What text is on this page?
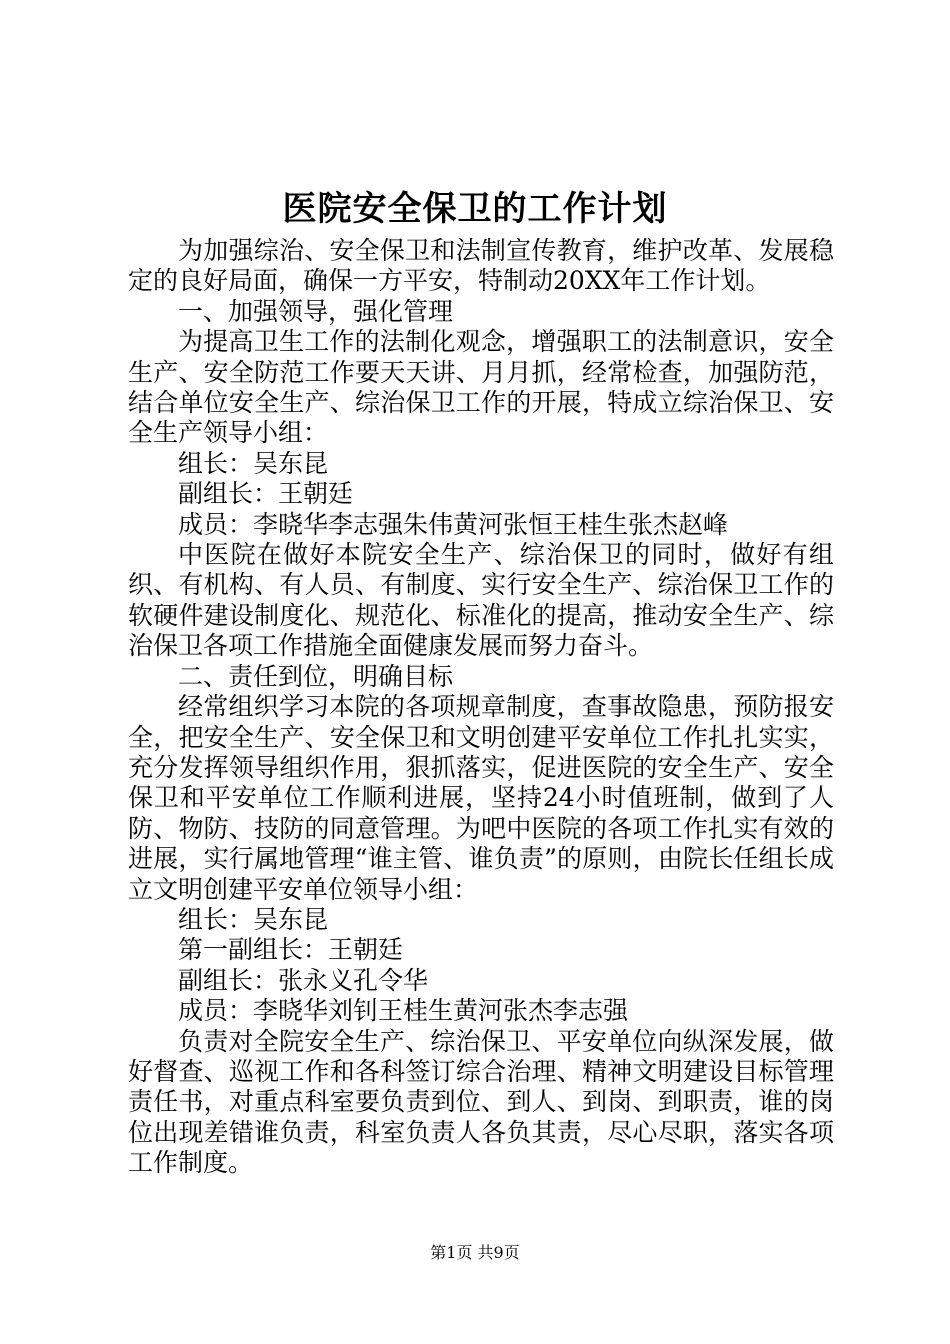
医院安全保卫的工作计划

为加强综治、安全保卫和法制宣传教育，维护改革、发展稳定的良好局面，确保一方平安，特制动20XX年工作计划。

一、加强领导，强化管理

为提高卫生工作的法制化观念，增强职工的法制意识，安全生产、安全防范工作要天天讲、月月抓，经常检查，加强防范，结合单位安全生产、综治保卫工作的开展，特成立综治保卫、安全生产领导小组：

组长：吴东昆

副组长：王朝廷

成员：李晓华李志强朱伟黄河张恒王桂生张杰赵峰

中医院在做好本院安全生产、综治保卫的同时，做好有组织、有机构、有人员、有制度、实行安全生产、综治保卫工作的软硬件建设制度化、规范化、标准化的提高，推动安全生产、综治保卫各项工作措施全面健康发展而努力奋斗。

二、责任到位，明确目标

经常组织学习本院的各项规章制度，查事故隐患，预防报安全，把安全生产、安全保卫和文明创建平安单位工作扎扎实实，充分发挥领导组织作用，狠抓落实，促进医院的安全生产、安全保卫和平安单位工作顺利进展，坚持24小时值班制，做到了人防、物防、技防的同意管理。为吧中医院的各项工作扎实有效的进展，实行属地管理“谁主管、谁负责”的原则，由院长任组长成立文明创建平安单位领导小组：

组长：吴东昆

第一副组长：王朝廷

副组长：张永义孔令华

成员：李晓华刘钊王桂生黄河张杰李志强

负责对全院安全生产、综治保卫、平安单位向纵深发展，做好督查、巡视工作和各科签订综合治理、精神文明建设目标管理责任书，对重点科室要负责到位、到人、到岗、到职责，谁的岗位出现差错谁负责，科室负责人各负其责，尽心尽职，落实各项工作制度。

第1页 共9页
